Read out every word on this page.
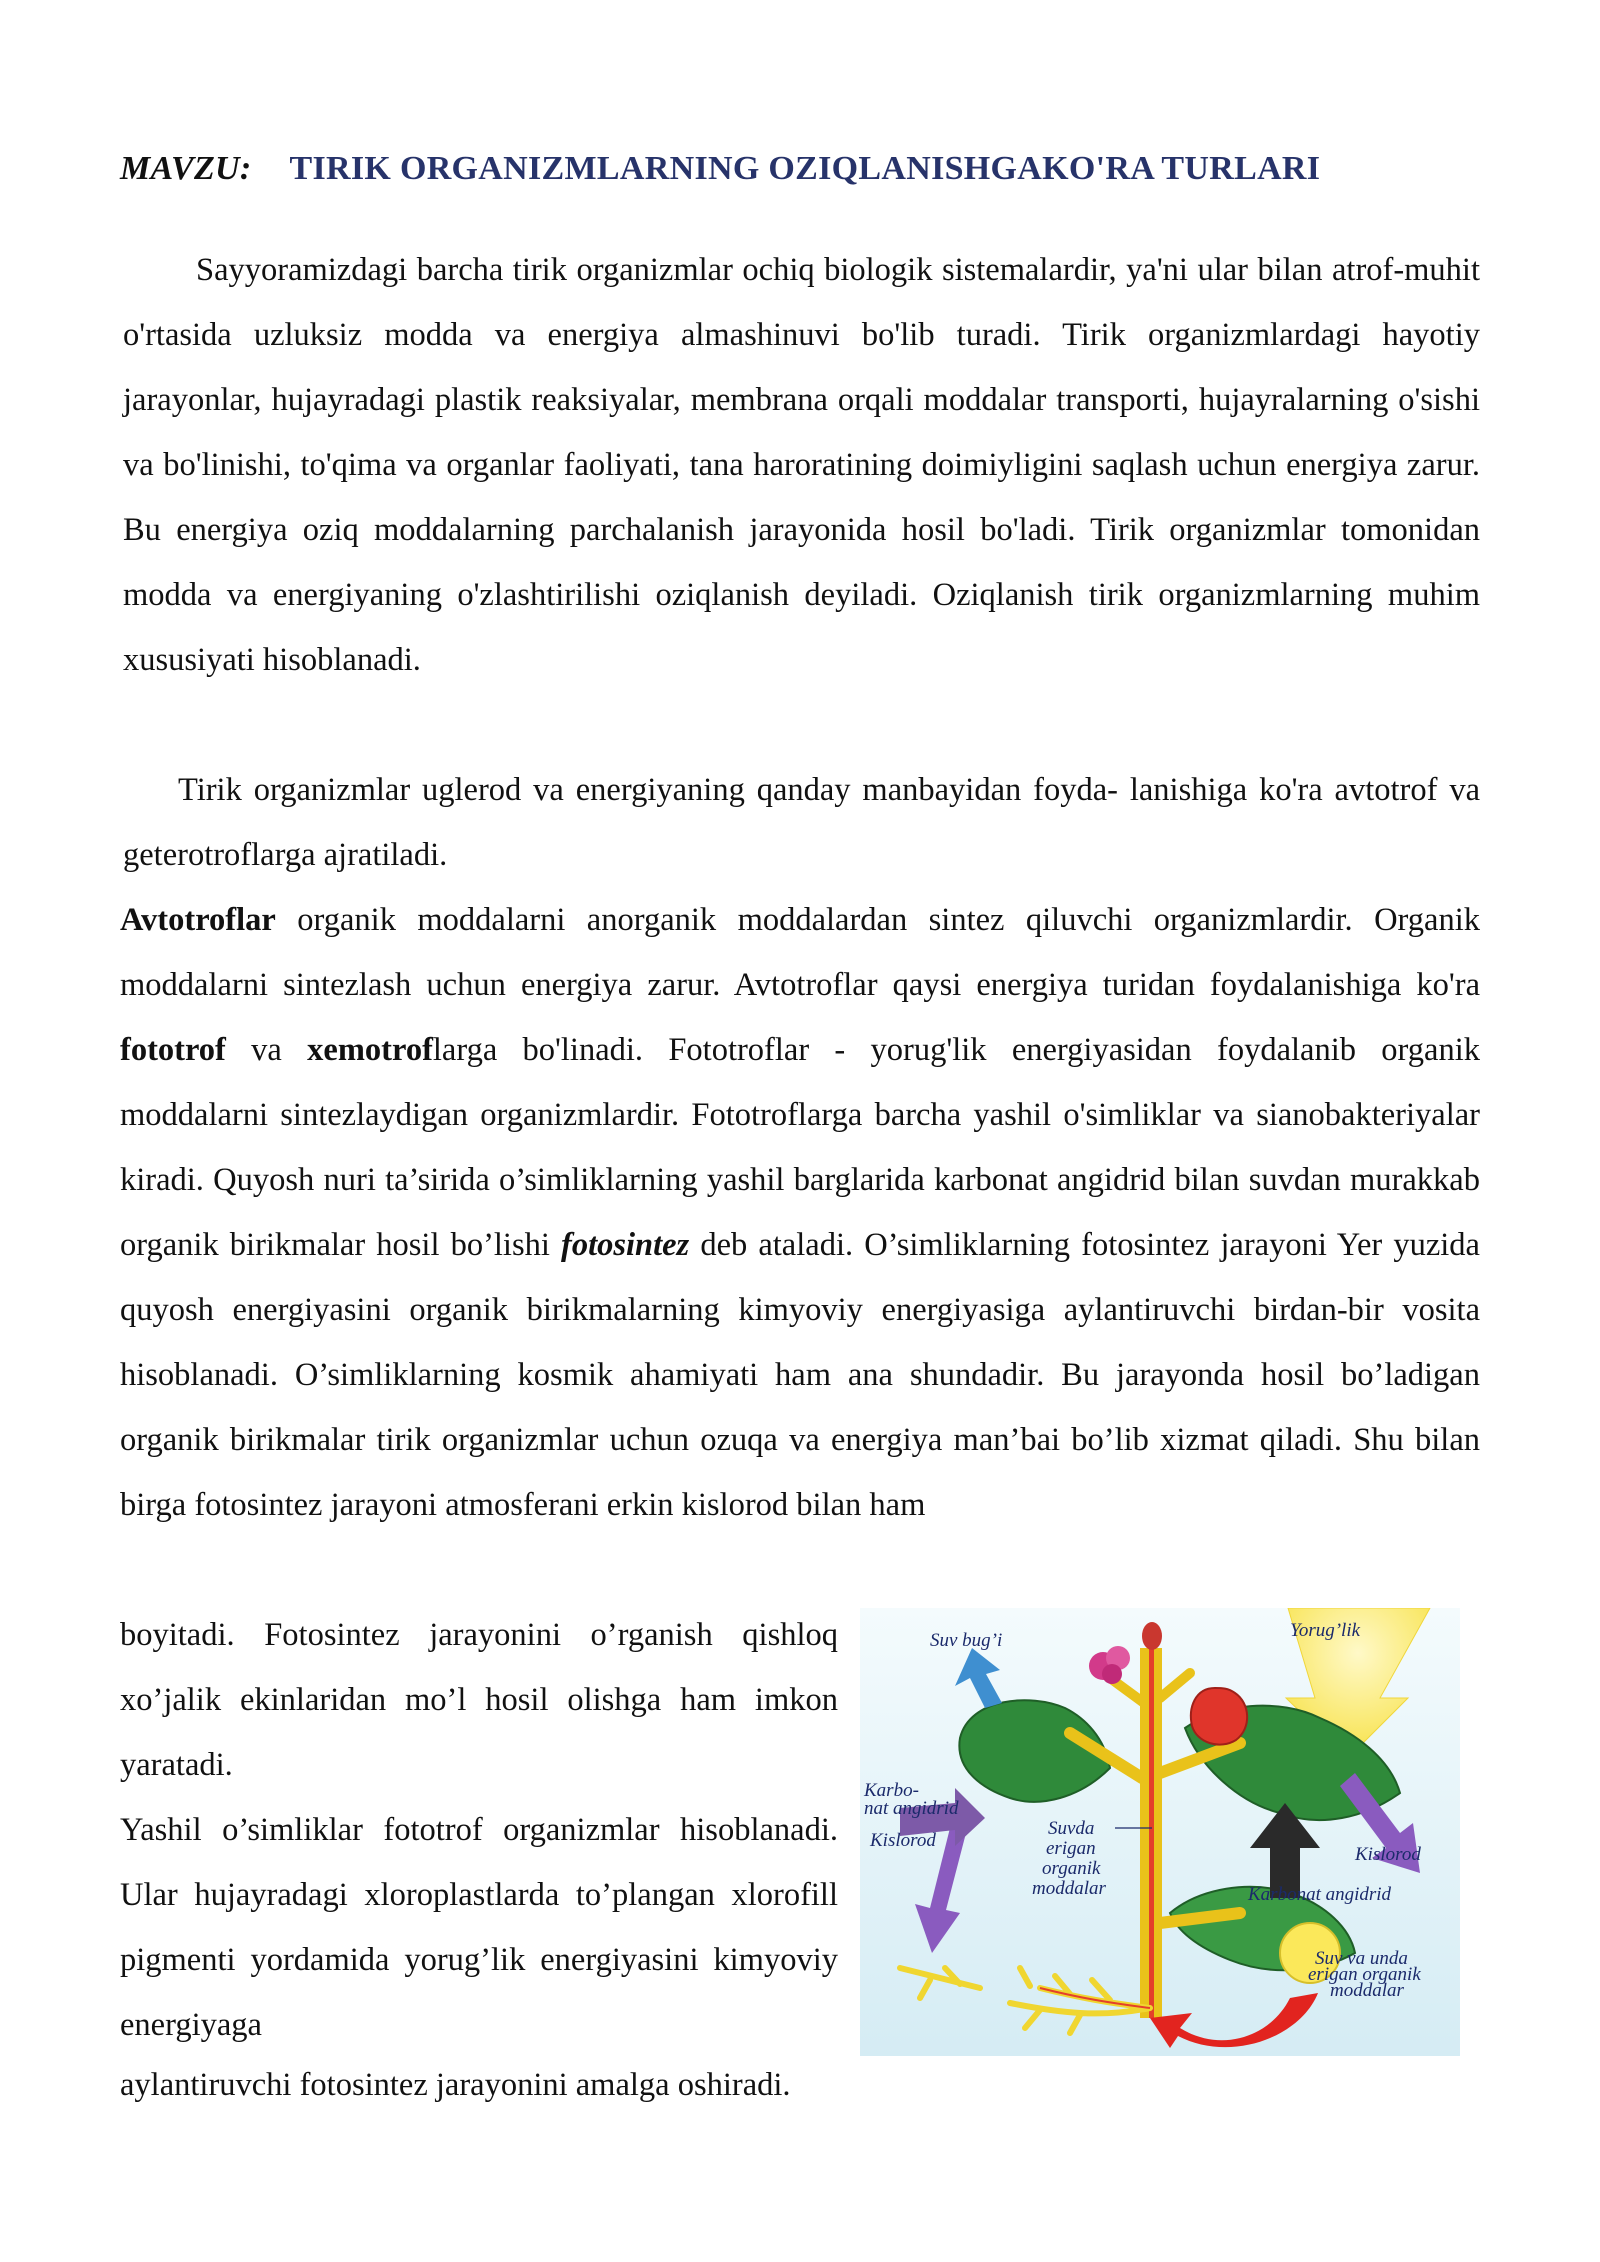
MAVZU: TIRIK ORGANIZMLARNING OZIQLANISHGAKO'RA TURLARI
Sayyoramizdagi barcha tirik organizmlar ochiq biologik sistemalardir, ya'ni ular bilan atrof-muhit o'rtasida uzluksiz modda va energiya almashinuvi bo'lib turadi. Tirik organizmlardagi hayotiy jarayonlar, hujayradagi plastik reaksiyalar, membrana orqali moddalar transporti, hujayralarning o'sishi va bo'linishi, to'qima va organlar faoliyati, tana haroratining doimiyligini saqlash uchun energiya zarur. Bu energiya oziq moddalarning parchalanish jarayonida hosil bo'ladi. Tirik organizmlar tomonidan modda va energiyaning o'zlashtirilishi oziqlanish deyiladi. Oziqlanish tirik organizmlarning muhim xususiyati hisoblanadi.
Tirik organizmlar uglerod va energiyaning qanday manbayidan foyda- lanishiga ko'ra avtotrof va geterotroflarga ajratiladi.
Avtotroflar organik moddalarni anorganik moddalardan sintez qiluvchi organizmlardir. Organik moddalarni sintezlash uchun energiya zarur. Avtotroflar qaysi energiya turidan foydalanishiga ko'ra fototrof va xemotroflarga bo'linadi. Fototroflar - yorug'lik energiyasidan foydalanib organik moddalarni sintezlaydigan organizmlardir. Fototroflarga barcha yashil o'simliklar va sianobakteriyalar kiradi. Quyosh nuri ta’sirida o’simliklarning yashil barglarida karbonat angidrid bilan suvdan murakkab organik birikmalar hosil bo’lishi fotosintez deb ataladi. O’simliklarning fotosintez jarayoni Yer yuzida quyosh energiyasini organik birikmalarning kimyoviy energiyasiga aylantiruvchi birdan-bir vosita hisoblanadi. O’simliklarning kosmik ahamiyati ham ana shundadir. Bu jarayonda hosil bo’ladigan organik birikmalar tirik organizmlar uchun ozuqa va energiya man’bai bo’lib xizmat qiladi. Shu bilan birga fotosintez jarayoni atmosferani erkin kislorod bilan ham
boyitadi. Fotosintez jarayonini o’rganish qishloq xo’jalik ekinlaridan mo’l hosil olishga ham imkon yaratadi.
Yashil o’simliklar fototrof organizmlar hisoblanadi. Ular hujayradagi xloroplastlarda to’plangan xlorofill pigmenti yordamida yorug’lik energiyasini kimyoviy energiyaga
aylantiruvchi fotosintez jarayonini amalga oshiradi.
Suv bug’i	Yorug’lik
Karbo-
nat angidrid
Kislorod
Suvda
erigan
organik
moddalar
Kislorod
Karbonat angidrid
Suv va unda
erigan organik
moddalar
